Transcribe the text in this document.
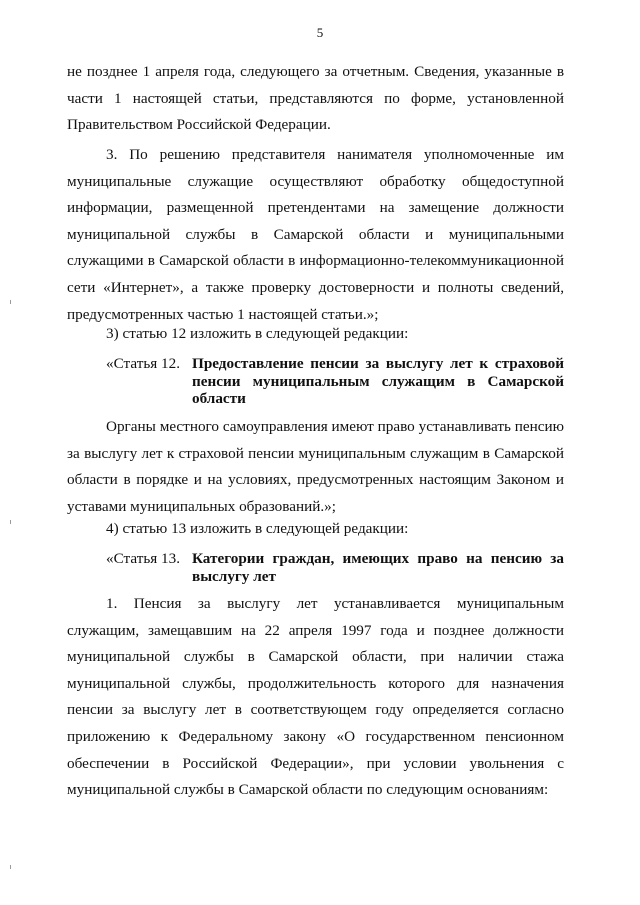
5
не позднее 1 апреля года, следующего за отчетным. Сведения, указанные в части 1 настоящей статьи, представляются по форме, установленной Правительством Российской Федерации.
3. По решению представителя нанимателя уполномоченные им муниципальные служащие осуществляют обработку общедоступной информации, размещенной претендентами на замещение должности муниципальной службы в Самарской области и муниципальными служащими в Самарской области в информационно-телекоммуникационной сети «Интернет», а также проверку достоверности и полноты сведений, предусмотренных частью 1 настоящей статьи.»;
3) статью 12 изложить в следующей редакции:
«Статья 12. Предоставление пенсии за выслугу лет к страховой пенсии муниципальным служащим в Самарской области
Органы местного самоуправления имеют право устанавливать пенсию за выслугу лет к страховой пенсии муниципальным служащим в Самарской области в порядке и на условиях, предусмотренных настоящим Законом и уставами муниципальных образований.»;
4) статью 13 изложить в следующей редакции:
«Статья 13. Категории граждан, имеющих право на пенсию за выслугу лет
1. Пенсия за выслугу лет устанавливается муниципальным служащим, замещавшим на 22 апреля 1997 года и позднее должности муниципальной службы в Самарской области, при наличии стажа муниципальной службы, продолжительность которого для назначения пенсии за выслугу лет в соответствующем году определяется согласно приложению к Федеральному закону «О государственном пенсионном обеспечении в Российской Федерации», при условии увольнения с муниципальной службы в Самарской области по следующим основаниям:
